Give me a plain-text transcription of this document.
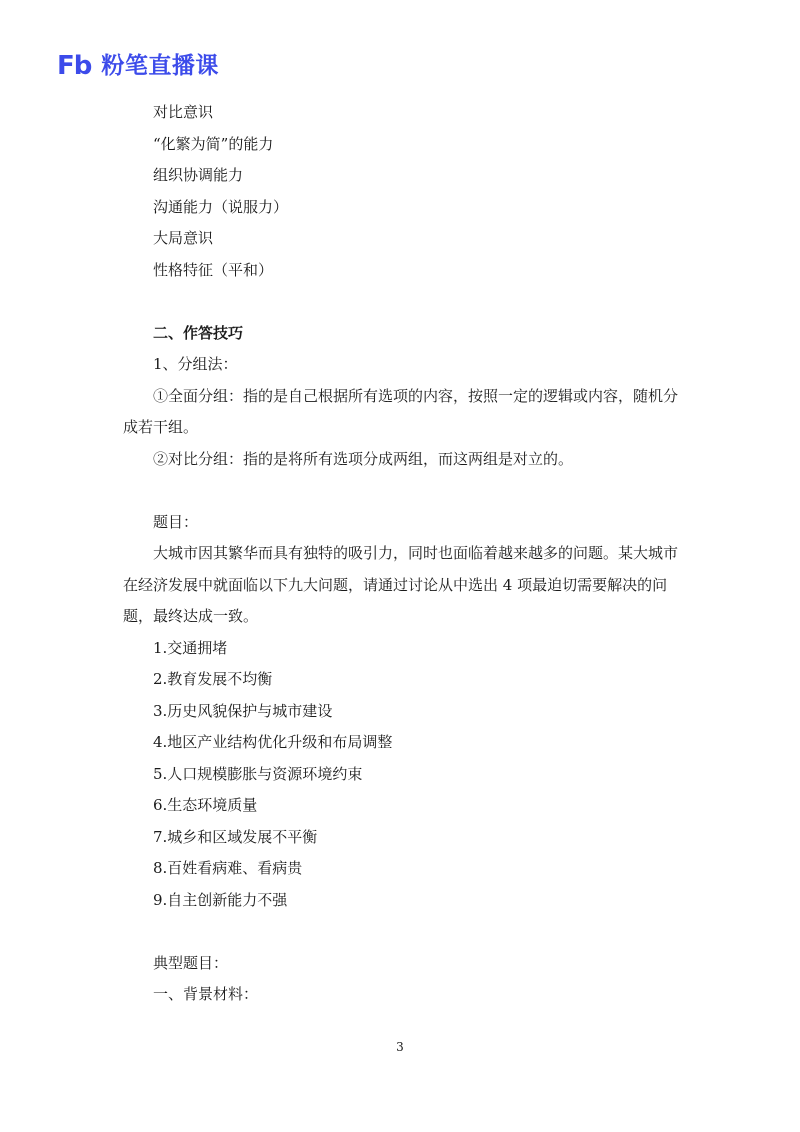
Fb 粉笔直播课
对比意识
“化繁为简”的能力
组织协调能力
沟通能力（说服力）
大局意识
性格特征（平和）
二、作答技巧
1、分组法：

①全面分组：指的是自己根据所有选项的内容，按照一定的逻辑或内容，随机分成若干组。

②对比分组：指的是将所有选项分成两组，而这两组是对立的。

题目：

大城市因其繁华而具有独特的吸引力，同时也面临着越来越多的问题。某大城市在经济发展中就面临以下九大问题，请通过讨论从中选出 4 项最迫切需要解决的问题，最终达成一致。

1.交通拥堵
2.教育发展不均衡
3.历史风貌保护与城市建设
4.地区产业结构优化升级和布局调整
5.人口规模膨胀与资源环境约束
6.生态环境质量
7.城乡和区域发展不平衡
8.百姓看病难、看病贵
9.自主创新能力不强
典型题目：
一、背景材料：
3
